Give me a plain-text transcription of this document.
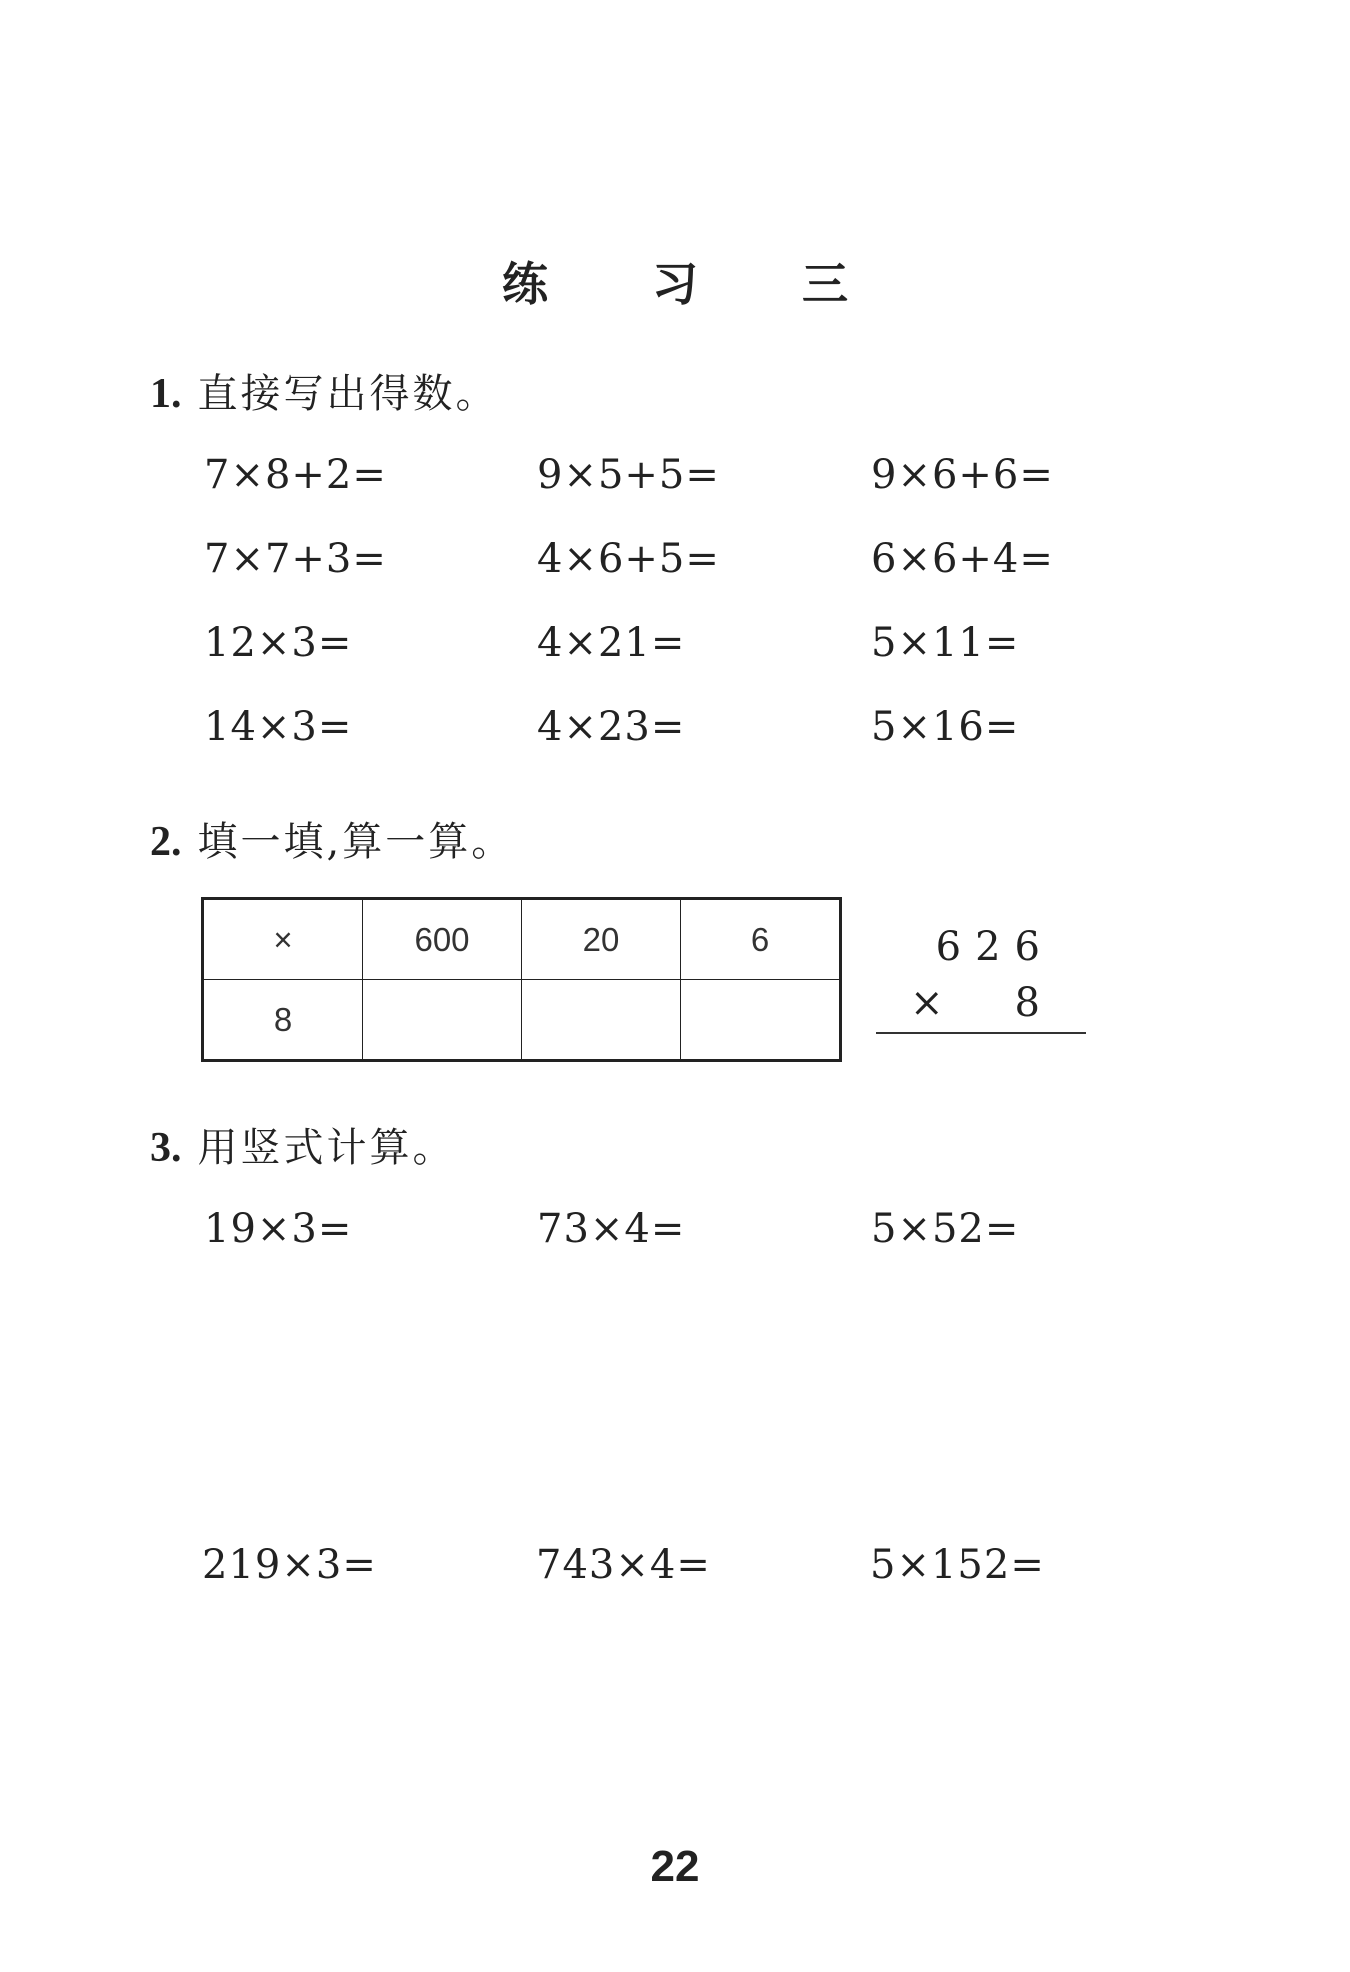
练 习 三
1. 直接写出得数。
7×8+2=	9×5+5=	9×6+6=
7×7+3=	4×6+5=	6×6+4=
12×3=	4×21=	5×11=
14×3=	4×23=	5×16=
2. 填一填,算一算。
×	600	20	6
8			
626
× 8
3. 用竖式计算。
19×3=	73×4=	5×52=
219×3=	743×4=	5×152=
22
